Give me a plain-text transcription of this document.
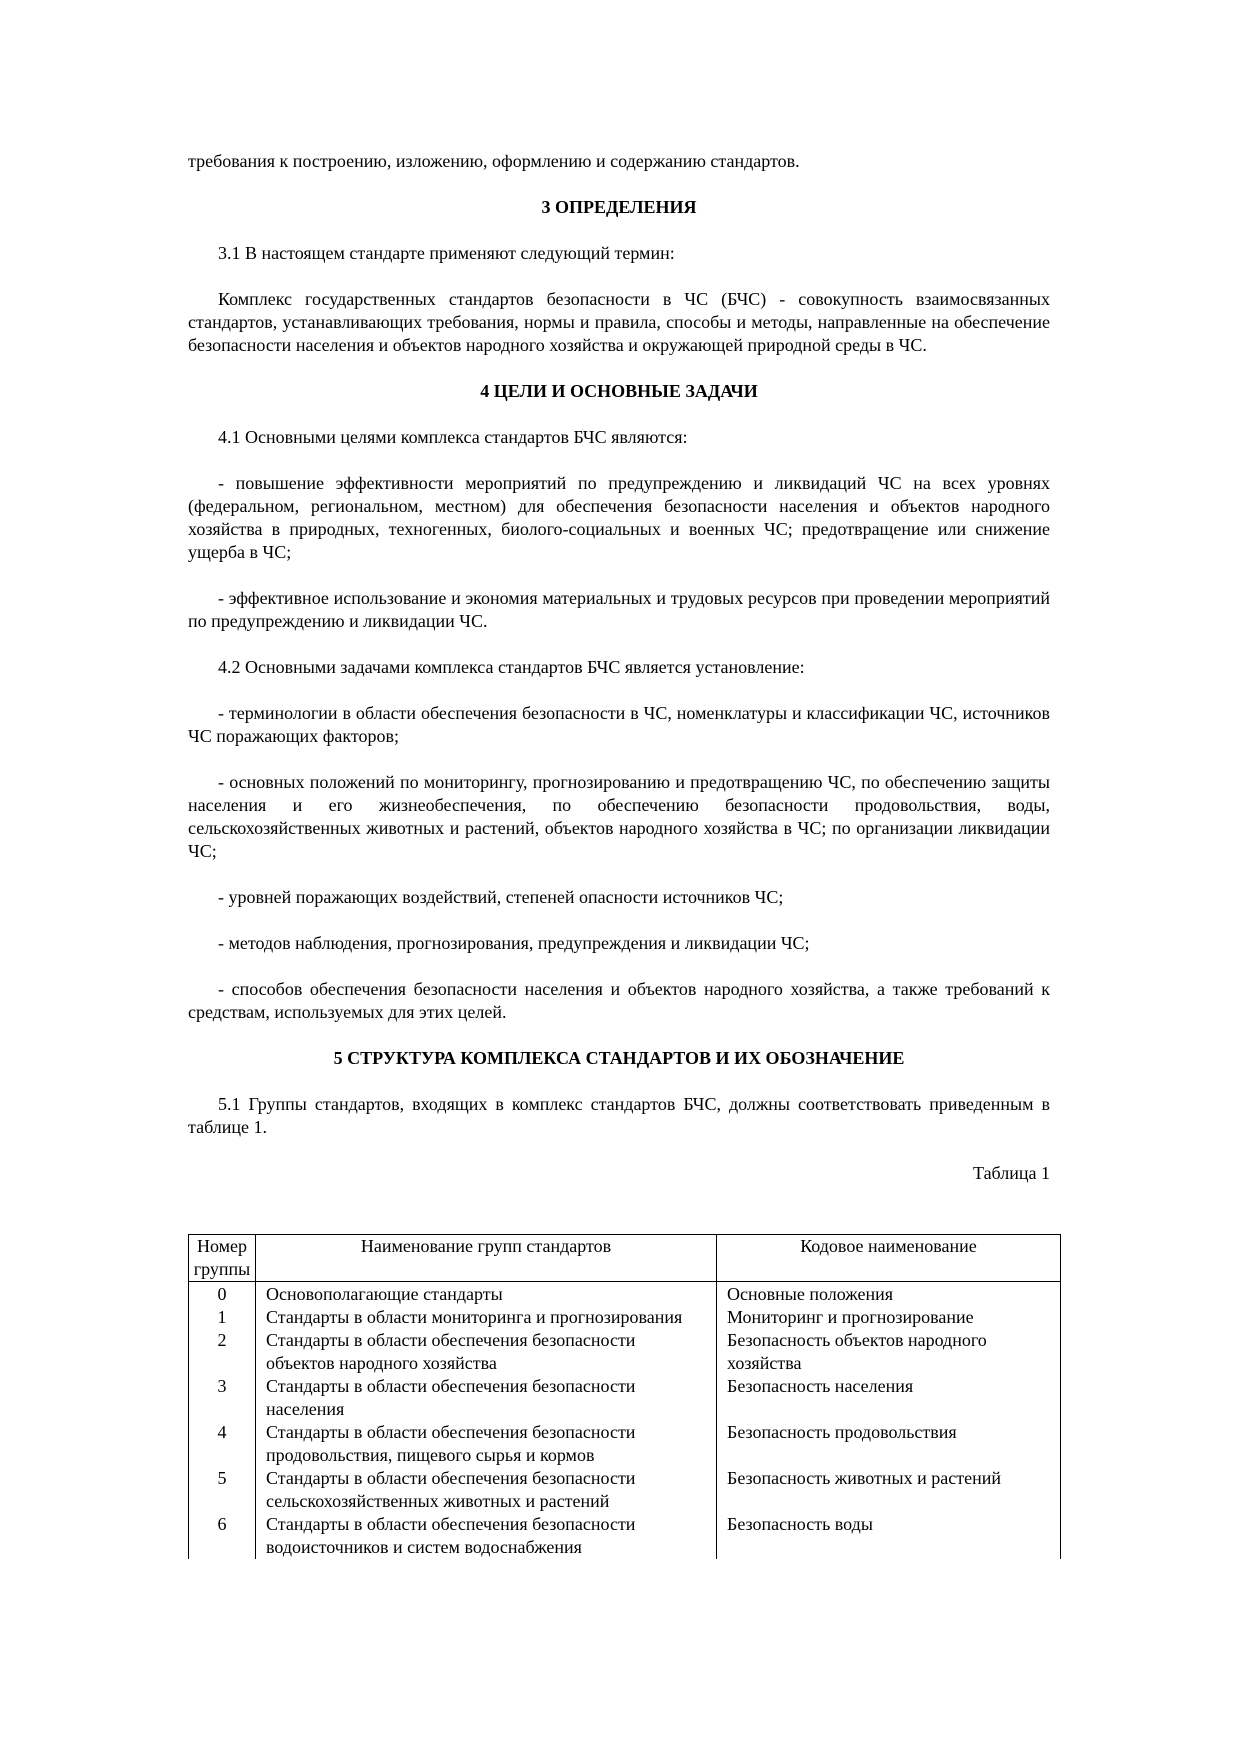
требования к построению, изложению, оформлению и содержанию стандартов.

3 ОПРЕДЕЛЕНИЯ

3.1 В настоящем стандарте применяют следующий термин:

Комплекс государственных стандартов безопасности в ЧС (БЧС) - совокупность взаимосвязанных стандартов, устанавливающих требования, нормы и правила, способы и методы, направленные на обеспечение безопасности населения и объектов народного хозяйства и окружающей природной среды в ЧС.

4 ЦЕЛИ И ОСНОВНЫЕ ЗАДАЧИ

4.1 Основными целями комплекса стандартов БЧС являются:

- повышение эффективности мероприятий по предупреждению и ликвидаций ЧС на всех уровнях (федеральном, региональном, местном) для обеспечения безопасности населения и объектов народного хозяйства в природных, техногенных, биолого-социальных и военных ЧС; предотвращение или снижение ущерба в ЧС;

- эффективное использование и экономия материальных и трудовых ресурсов при проведении мероприятий по предупреждению и ликвидации ЧС.

4.2 Основными задачами комплекса стандартов БЧС является установление:

- терминологии в области обеспечения безопасности в ЧС, номенклатуры и классификации ЧС, источников ЧС поражающих факторов;

- основных положений по мониторингу, прогнозированию и предотвращению ЧС, по обеспечению защиты населения и его жизнеобеспечения, по обеспечению безопасности продовольствия, воды, сельскохозяйственных животных и растений, объектов народного хозяйства в ЧС; по организации ликвидации ЧС;

- уровней поражающих воздействий, степеней опасности источников ЧС;

- методов наблюдения, прогнозирования, предупреждения и ликвидации ЧС;

- способов обеспечения безопасности населения и объектов народного хозяйства, а также требований к средствам, используемых для этих целей.

5 СТРУКТУРА КОМПЛЕКСА СТАНДАРТОВ И ИХ ОБОЗНАЧЕНИЕ

5.1 Группы стандартов, входящих в комплекс стандартов БЧС, должны соответствовать приведенным в таблице 1.

Таблица 1
Номер группы	Наименование групп стандартов	Кодовое наименование
0	Основополагающие стандарты	Основные положения
1	Стандарты в области мониторинга и прогнозирования	Мониторинг и прогнозирование
2	Стандарты в области обеспечения безопасности объектов народного хозяйства	Безопасность объектов народного хозяйства
3	Стандарты в области обеспечения безопасности населения	Безопасность населения
4	Стандарты в области обеспечения безопасности продовольствия, пищевого сырья и кормов	Безопасность продовольствия
5	Стандарты в области обеспечения безопасности сельскохозяйственных животных и растений	Безопасность животных и растений
6	Стандарты в области обеспечения безопасности водоисточников и систем водоснабжения	Безопасность воды
